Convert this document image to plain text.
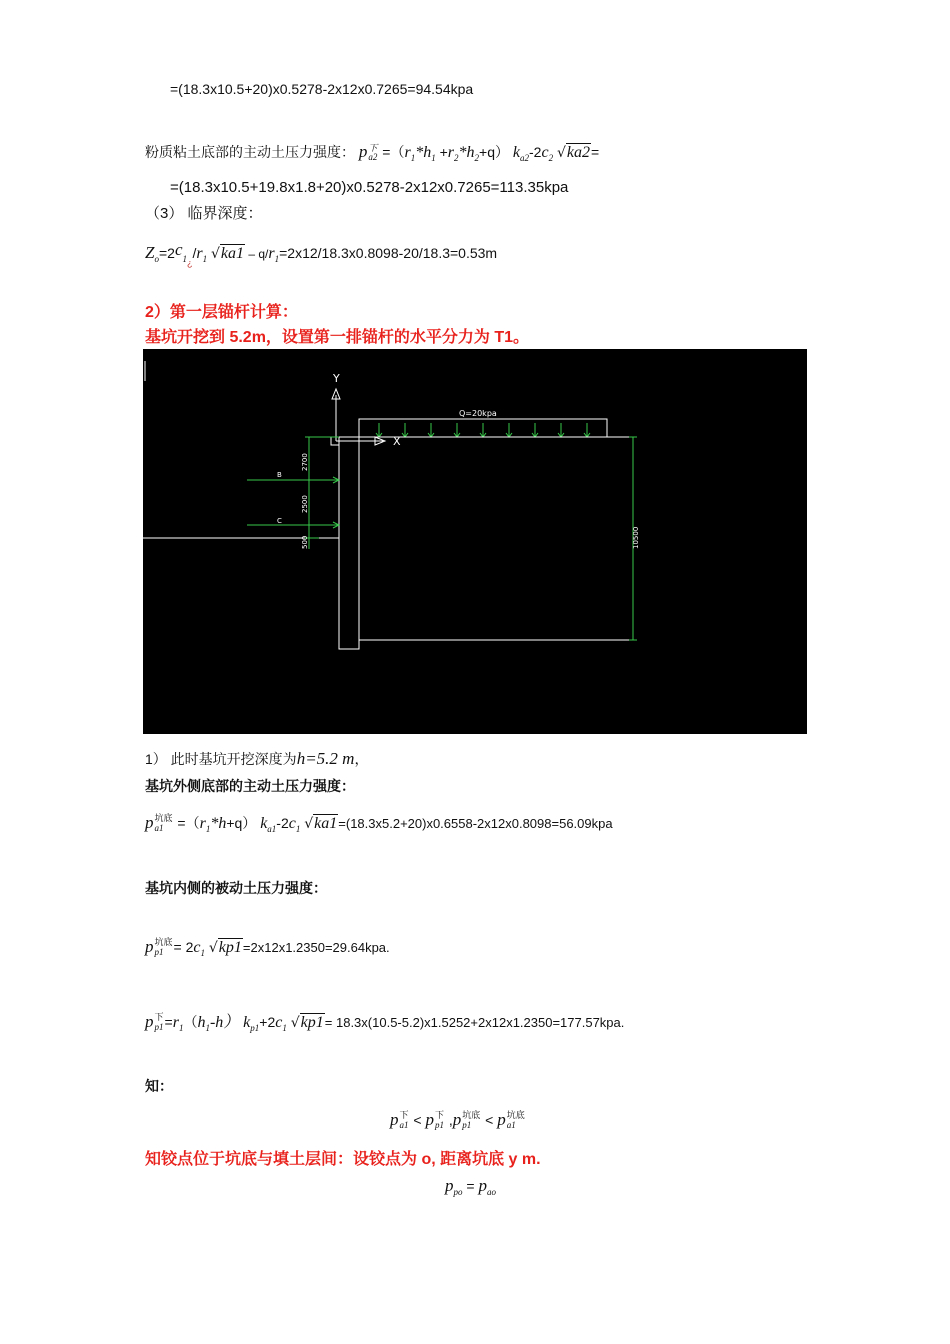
=(18.3x10.5+20)x0.5278-2x12x0.7265=94.54kpa
粉质粘土底部的主动土压力强度： p 下
$a2 =(r_1*h_1 +r_2*h_2+q)$ $k_{a2}-2c_2$ √ka2=
=(18.3x10.5+19.8x1.8+20)x0.5278-2x12x0.7265=113.35kpa
（3） 临界深度：
$Z_o=2c_{1¿}/r_1$ $√ka1 - q/r_1=2x12/18.3x0.8098-20/18.3=0.53m$
2）第一层锚杆计算：
基坑开挖到 5.2m，设置第一排锚杆的水平分力为 T1。
Y
X
Q=20kpa
10500
2700
2500
500
B
C
1） 此时基坑开挖深度为h=5.2 m，
基坑外侧底部的主动土压力强度：
p 坑底
$a1 =(r_1*h+q)$ $k_{a1}-2c_1$ √ka1=(18.3x5.2+20)x0.6558-2x12x0.8098=56.09kpa
基坑内侧的被动土压力强度：
p 坑底
$p1 = 2c_1$ √kp1=2x12x1.2350=29.64kpa.
p 下
$p1 =r_1(h_1-h)$ $k_{p1}+2c_1$ √kp1= 18.3x(10.5-5.2)x1.5252+2x12x1.2350=177.57kpa.
知：
p 下
a1 < p 下
p1 ,p 坑底
p1 < p 坑底
a1
知铰点位于坑底与填土层间：设铰点为 o, 距离坑底 y m.
$p_{po} = p_{ao}$
